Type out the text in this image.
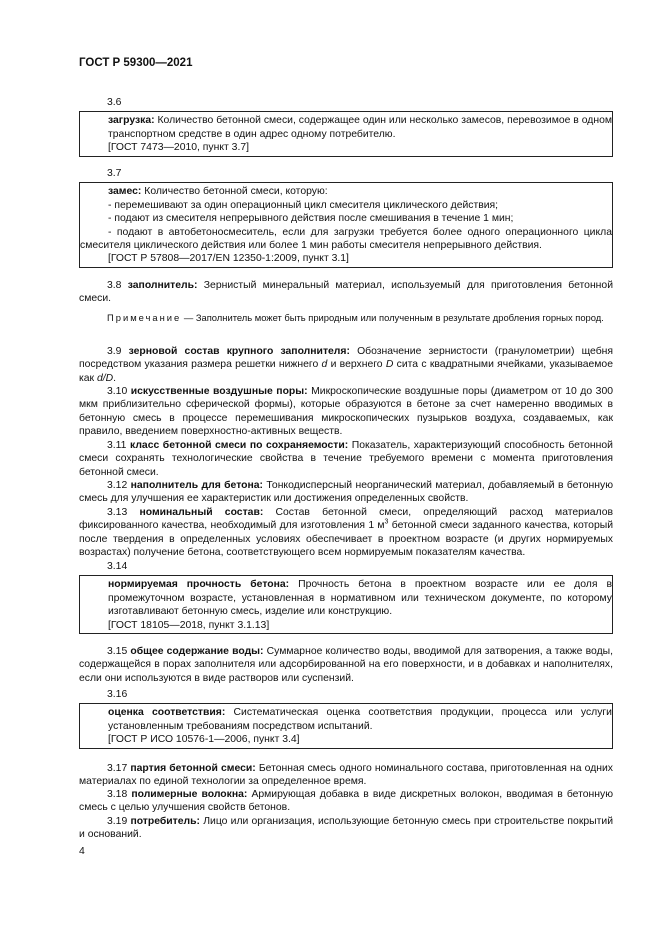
ГОСТ Р 59300—2021
3.6

загрузка: Количество бетонной смеси, содержащее один или несколько замесов, перевозимое в одном транспортном средстве в один адрес одному потребителю.

[ГОСТ 7473—2010, пункт 3.7]
3.7

замес: Количество бетонной смеси, которую:

- перемешивают за один операционный цикл смесителя циклического действия;

- подают из смесителя непрерывного действия после смешивания в течение 1 мин;

- подают в автобетоносмеситель, если для загрузки требуется более одного операционного цикла смесителя циклического действия или более 1 мин работы смесителя непрерывного действия.

[ГОСТ Р 57808—2017/EN 12350-1:2009, пункт 3.1]

3.8 заполнитель: Зернистый минеральный материал, используемый для приготовления бетонной смеси.

Примечание — Заполнитель может быть природным или полученным в результате дробления горных пород.

3.9 зерновой состав крупного заполнителя: Обозначение зернистости (гранулометрии) щебня посредством указания размера решетки нижнего d и верхнего D сита с квадратными ячейками, указываемое как d/D.

3.10 искусственные воздушные поры: Микроскопические воздушные поры (диаметром от 10 до 300 мкм приблизительно сферической формы), которые образуются в бетоне за счет намеренно вводимых в бетонную смесь в процессе перемешивания микроскопических пузырьков воздуха, создаваемых, как правило, введением поверхностно-активных веществ.

3.11 класс бетонной смеси по сохраняемости: Показатель, характеризующий способность бетонной смеси сохранять технологические свойства в течение требуемого времени с момента приготовления бетонной смеси.

3.12 наполнитель для бетона: Тонкодисперсный неорганический материал, добавляемый в бетонную смесь для улучшения ее характеристик или достижения определенных свойств.

3.13 номинальный состав: Состав бетонной смеси, определяющий расход материалов фиксированного качества, необходимый для изготовления 1 $м^3$ бетонной смеси заданного качества, который после твердения в определенных условиях обеспечивает в проектном возрасте (и других нормируемых возрастах) получение бетона, соответствующего всем нормируемым показателям качества.

3.14

нормируемая прочность бетона: Прочность бетона в проектном возрасте или ее доля в промежуточном возрасте, установленная в нормативном или техническом документе, по которому изготавливают бетонную смесь, изделие или конструкцию.

[ГОСТ 18105—2018, пункт 3.1.13]

3.15 общее содержание воды: Суммарное количество воды, вводимой для затворения, а также воды, содержащейся в порах заполнителя или адсорбированной на его поверхности, и в добавках и наполнителях, если они используются в виде растворов или суспензий.

3.16

оценка соответствия: Систематическая оценка соответствия продукции, процесса или услуги установленным требованиям посредством испытаний.

[ГОСТ Р ИСО 10576-1—2006, пункт 3.4]

3.17 партия бетонной смеси: Бетонная смесь одного номинального состава, приготовленная на одних материалах по единой технологии за определенное время.

3.18 полимерные волокна: Армирующая добавка в виде дискретных волокон, вводимая в бетонную смесь с целью улучшения свойств бетонов.

3.19 потребитель: Лицо или организация, использующие бетонную смесь при строительстве покрытий и оснований.

4
